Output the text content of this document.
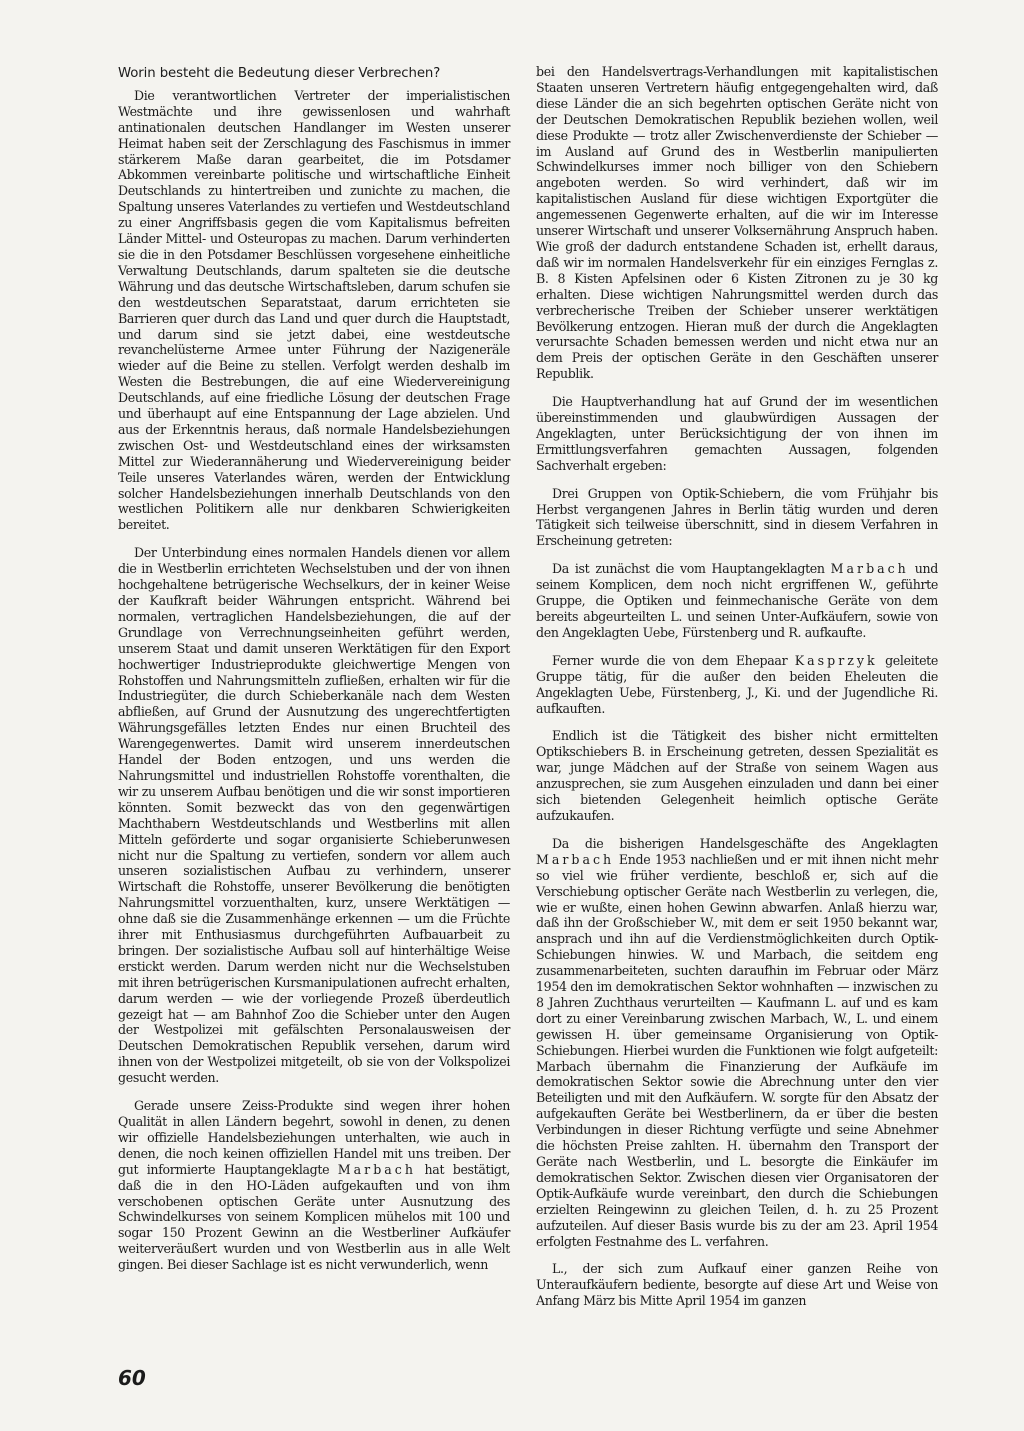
Worin besteht die Bedeutung dieser Verbrechen?

Die verantwortlichen Vertreter der imperialistischen Westmächte und ihre gewissenlosen und wahrhaft antinationalen deutschen Handlanger im Westen unserer Heimat haben seit der Zerschlagung des Faschismus in immer stärkerem Maße daran gearbeitet, die im Potsdamer Abkommen vereinbarte politische und wirtschaftliche Einheit Deutschlands zu hintertreiben und zunichte zu machen, die Spaltung unseres Vaterlandes zu vertiefen und Westdeutschland zu einer Angriffsbasis gegen die vom Kapitalismus befreiten Länder Mittel- und Osteuropas zu machen. Darum verhinderten sie die in den Potsdamer Beschlüssen vorgesehene einheitliche Verwaltung Deutschlands, darum spalteten sie die deutsche Währung und das deutsche Wirtschaftsleben, darum schufen sie den westdeutschen Separatstaat, darum errichteten sie Barrieren quer durch das Land und quer durch die Hauptstadt, und darum sind sie jetzt dabei, eine westdeutsche revanchelüsterne Armee unter Führung der Nazigeneräle wieder auf die Beine zu stellen. Verfolgt werden deshalb im Westen die Bestrebungen, die auf eine Wiedervereinigung Deutschlands, auf eine friedliche Lösung der deutschen Frage und überhaupt auf eine Entspannung der Lage abzielen. Und aus der Erkenntnis heraus, daß normale Handelsbeziehungen zwischen Ost- und Westdeutschland eines der wirksamsten Mittel zur Wiederannäherung und Wiedervereinigung beider Teile unseres Vaterlandes wären, werden der Entwicklung solcher Handelsbeziehungen innerhalb Deutschlands von den westlichen Politikern alle nur denkbaren Schwierigkeiten bereitet.

Der Unterbindung eines normalen Handels dienen vor allem die in Westberlin errichteten Wechselstuben und der von ihnen hochgehaltene betrügerische Wechselkurs, der in keiner Weise der Kaufkraft beider Währungen entspricht. Während bei normalen, vertraglichen Handelsbeziehungen, die auf der Grundlage von Verrechnungseinheiten geführt werden, unserem Staat und damit unseren Werktätigen für den Export hochwertiger Industrieprodukte gleichwertige Mengen von Rohstoffen und Nahrungsmitteln zufließen, erhalten wir für die Industriegüter, die durch Schieberkanäle nach dem Westen abfließen, auf Grund der Ausnutzung des ungerechtfertigten Währungsgefälles letzten Endes nur einen Bruchteil des Warengegenwertes. Damit wird unserem innerdeutschen Handel der Boden entzogen, und uns werden die Nahrungsmittel und industriellen Rohstoffe vorenthalten, die wir zu unserem Aufbau benötigen und die wir sonst importieren könnten. Somit bezweckt das von den gegenwärtigen Machthabern Westdeutschlands und Westberlins mit allen Mitteln geförderte und sogar organisierte Schieberunwesen nicht nur die Spaltung zu vertiefen, sondern vor allem auch unseren sozialistischen Aufbau zu verhindern, unserer Wirtschaft die Rohstoffe, unserer Bevölkerung die benötigten Nahrungsmittel vorzuenthalten, kurz, unsere Werktätigen — ohne daß sie die Zusammenhänge erkennen — um die Früchte ihrer mit Enthusiasmus durchgeführten Aufbauarbeit zu bringen. Der sozialistische Aufbau soll auf hinterhältige Weise erstickt werden. Darum werden nicht nur die Wechselstuben mit ihren betrügerischen Kursmanipulationen aufrecht erhalten, darum werden — wie der vorliegende Prozeß überdeutlich gezeigt hat — am Bahnhof Zoo die Schieber unter den Augen der Westpolizei mit gefälschten Personalausweisen der Deutschen Demokratischen Republik versehen, darum wird ihnen von der Westpolizei mitgeteilt, ob sie von der Volkspolizei gesucht werden.

Gerade unsere Zeiss-Produkte sind wegen ihrer hohen Qualität in allen Ländern begehrt, sowohl in denen, zu denen wir offizielle Handelsbeziehungen unterhalten, wie auch in denen, die noch keinen offiziellen Handel mit uns treiben. Der gut informierte Hauptangeklagte Marbach hat bestätigt, daß die in den HO-Läden aufgekauften und von ihm verschobenen optischen Geräte unter Ausnutzung des Schwindelkurses von seinem Komplicen mühelos mit 100 und sogar 150 Prozent Gewinn an die Westberliner Aufkäufer weiterveräußert wurden und von Westberlin aus in alle Welt gingen. Bei dieser Sachlage ist es nicht verwunderlich, wenn

bei den Handelsvertrags-Verhandlungen mit kapitalistischen Staaten unseren Vertretern häufig entgegengehalten wird, daß diese Länder die an sich begehrten optischen Geräte nicht von der Deutschen Demokratischen Republik beziehen wollen, weil diese Produkte — trotz aller Zwischenverdienste der Schieber — im Ausland auf Grund des in Westberlin manipulierten Schwindelkurses immer noch billiger von den Schiebern angeboten werden. So wird verhindert, daß wir im kapitalistischen Ausland für diese wichtigen Exportgüter die angemessenen Gegenwerte erhalten, auf die wir im Interesse unserer Wirtschaft und unserer Volksernährung Anspruch haben. Wie groß der dadurch entstandene Schaden ist, erhellt daraus, daß wir im normalen Handelsverkehr für ein einziges Fernglas z. B. 8 Kisten Apfelsinen oder 6 Kisten Zitronen zu je 30 kg erhalten. Diese wichtigen Nahrungsmittel werden durch das verbrecherische Treiben der Schieber unserer werktätigen Bevölkerung entzogen. Hieran muß der durch die Angeklagten verursachte Schaden bemessen werden und nicht etwa nur an dem Preis der optischen Geräte in den Geschäften unserer Republik.

Die Hauptverhandlung hat auf Grund der im wesentlichen übereinstimmenden und glaubwürdigen Aussagen der Angeklagten, unter Berücksichtigung der von ihnen im Ermittlungsverfahren gemachten Aussagen, folgenden Sachverhalt ergeben:

Drei Gruppen von Optik-Schiebern, die vom Frühjahr bis Herbst vergangenen Jahres in Berlin tätig wurden und deren Tätigkeit sich teilweise überschnitt, sind in diesem Verfahren in Erscheinung getreten:

Da ist zunächst die vom Hauptangeklagten Marbach und seinem Komplicen, dem noch nicht ergriffenen W., geführte Gruppe, die Optiken und feinmechanische Geräte von dem bereits abgeurteilten L. und seinen Unter-Aufkäufern, sowie von den Angeklagten Uebe, Fürstenberg und R. aufkaufte.

Ferner wurde die von dem Ehepaar Kasprzyk geleitete Gruppe tätig, für die außer den beiden Eheleuten die Angeklagten Uebe, Fürstenberg, J., Ki. und der Jugendliche Ri. aufkauften.

Endlich ist die Tätigkeit des bisher nicht ermittelten Optikschiebers B. in Erscheinung getreten, dessen Spezialität es war, junge Mädchen auf der Straße von seinem Wagen aus anzusprechen, sie zum Ausgehen einzuladen und dann bei einer sich bietenden Gelegenheit heimlich optische Geräte aufzukaufen.

Da die bisherigen Handelsgeschäfte des Angeklagten Marbach Ende 1953 nachließen und er mit ihnen nicht mehr so viel wie früher verdiente, beschloß er, sich auf die Verschiebung optischer Geräte nach Westberlin zu verlegen, die, wie er wußte, einen hohen Gewinn abwarfen. Anlaß hierzu war, daß ihn der Großschieber W., mit dem er seit 1950 bekannt war, ansprach und ihn auf die Verdienstmöglichkeiten durch Optik-Schiebungen hinwies. W. und Marbach, die seitdem eng zusammenarbeiteten, suchten daraufhin im Februar oder März 1954 den im demokratischen Sektor wohnhaften — inzwischen zu 8 Jahren Zuchthaus verurteilten — Kaufmann L. auf und es kam dort zu einer Vereinbarung zwischen Marbach, W., L. und einem gewissen H. über gemeinsame Organisierung von Optik-Schiebungen. Hierbei wurden die Funktionen wie folgt aufgeteilt: Marbach übernahm die Finanzierung der Aufkäufe im demokratischen Sektor sowie die Abrechnung unter den vier Beteiligten und mit den Aufkäufern. W. sorgte für den Absatz der aufgekauften Geräte bei Westberlinern, da er über die besten Verbindungen in dieser Richtung verfügte und seine Abnehmer die höchsten Preise zahlten. H. übernahm den Transport der Geräte nach Westberlin, und L. besorgte die Einkäufer im demokratischen Sektor. Zwischen diesen vier Organisatoren der Optik-Aufkäufe wurde vereinbart, den durch die Schiebungen erzielten Reingewinn zu gleichen Teilen, d. h. zu 25 Prozent aufzuteilen. Auf dieser Basis wurde bis zu der am 23. April 1954 erfolgten Festnahme des L. verfahren.

L., der sich zum Aufkauf einer ganzen Reihe von Unteraufkäufern bediente, besorgte auf diese Art und Weise von Anfang März bis Mitte April 1954 im ganzen

60
